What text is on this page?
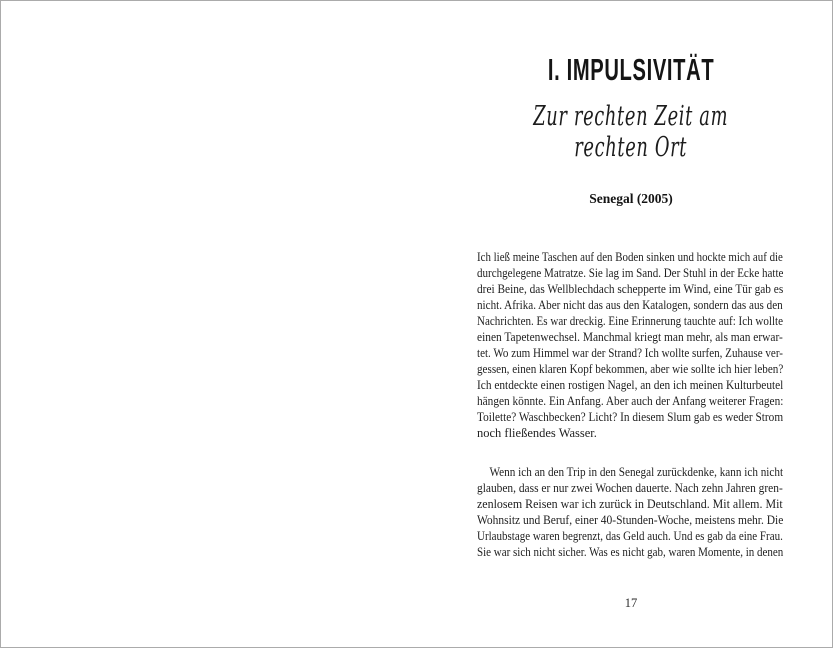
I. IMPULSIVITÄT
Zur rechten Zeit am
rechten Ort
Senegal (2005)
Ich ließ meine Taschen auf den Boden sinken und hockte mich auf die
durchgelegene Matratze. Sie lag im Sand. Der Stuhl in der Ecke hatte
drei Beine, das Wellblechdach schepperte im Wind, eine Tür gab es
nicht. Afrika. Aber nicht das aus den Katalogen, sondern das aus den
Nachrichten. Es war dreckig. Eine Erinnerung tauchte auf: Ich wollte
einen Tapetenwechsel. Manchmal kriegt man mehr, als man erwar-
tet. Wo zum Himmel war der Strand? Ich wollte surfen, Zuhause ver-
gessen, einen klaren Kopf bekommen, aber wie sollte ich hier leben?
Ich entdeckte einen rostigen Nagel, an den ich meinen Kulturbeutel
hängen könnte. Ein Anfang. Aber auch der Anfang weiterer Fragen:
Toilette? Waschbecken? Licht? In diesem Slum gab es weder Strom
noch fließendes Wasser.
Wenn ich an den Trip in den Senegal zurückdenke, kann ich nicht
glauben, dass er nur zwei Wochen dauerte. Nach zehn Jahren gren-
zenlosem Reisen war ich zurück in Deutschland. Mit allem. Mit
Wohnsitz und Beruf, einer 40-Stunden-Woche, meistens mehr. Die
Urlaubstage waren begrenzt, das Geld auch. Und es gab da eine Frau.
Sie war sich nicht sicher. Was es nicht gab, waren Momente, in denen
17
